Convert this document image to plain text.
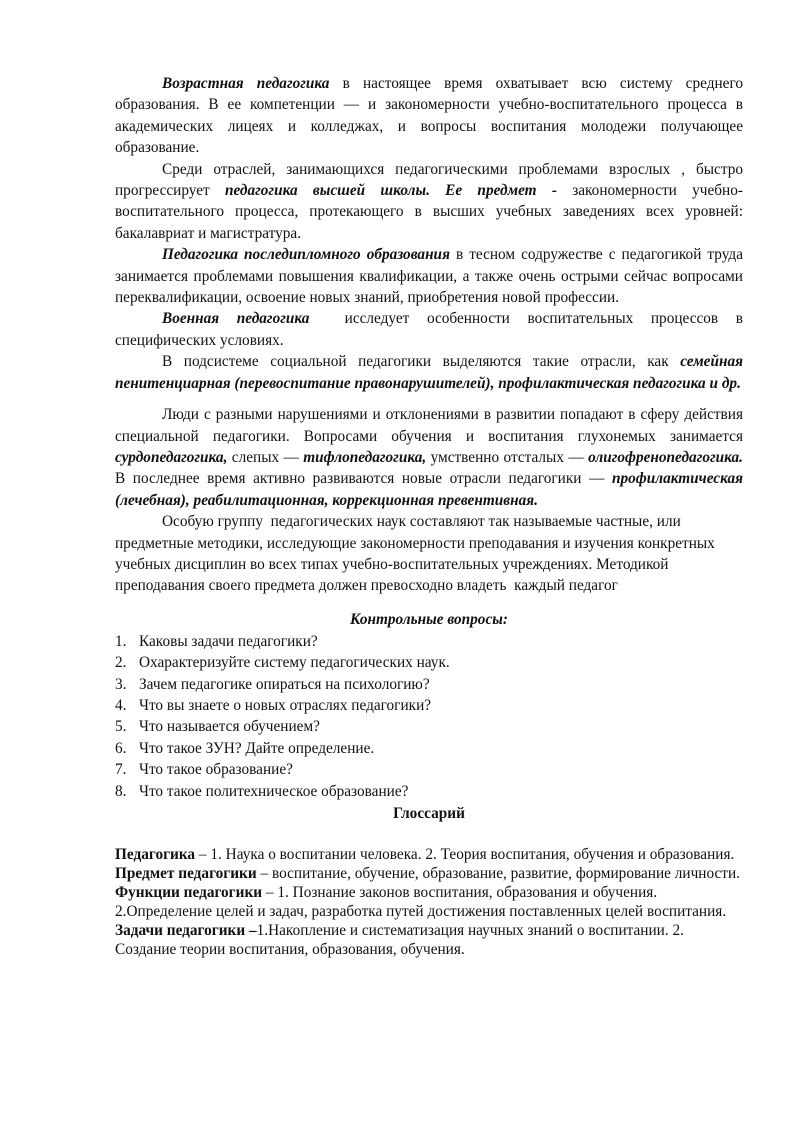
Возрастная педагогика в настоящее время охватывает всю систему среднего образования. В ее компетенции — и закономерности учебно-воспитательного процесса в академических лицеях и колледжах, и вопросы воспитания молодежи получающее образование.

Среди отраслей, занимающихся педагогическими проблемами взрослых , быстро прогрессирует педагогика высшей школы. Ее предмет - закономерности учебно-воспитательного процесса, протекающего в высших учебных заведениях всех уровней: бакалавриат и магистратура.

Педагогика последипломного образования в тесном содружестве с педагогикой труда занимается проблемами повышения квалификации, а также очень острыми сейчас вопросами переквалификации, освоение новых знаний, приобретения новой профессии.

Военная педагогика  исследует особенности воспитательных процессов в специфических условиях.

В подсистеме социальной педагогики выделяются такие отрасли, как семейная пенитенциарная (перевоспитание правонарушителей), профилактическая педагогика и др.

Люди с разными нарушениями и отклонениями в развитии попадают в сферу действия специальной педагогики. Вопросами обучения и воспитания глухонемых занимается сурдопедагогика, слепых — тифлопедагогика, умственно отсталых — олигофренопедагогика. В последнее время активно развиваются новые отрасли педагогики — профилактическая (лечебная), реабилитационная, коррекционная превентивная.

Особую группу  педагогических наук составляют так называемые частные, или предметные методики, исследующие закономерности преподавания и изучения конкретных учебных дисциплин во всех типах учебно-воспитательных учреждениях. Методикой преподавания своего предмета должен превосходно владеть  каждый педагог

Контрольные вопросы:

1. Каковы задачи педагогики?
2. Охарактеризуйте систему педагогических наук.
3. Зачем педагогике опираться на психологию?
4. Что вы знаете о новых отраслях педагогики?
5. Что называется обучением?
6. Что такое ЗУН? Дайте определение.
7. Что такое образование?
8. Что такое политехническое образование?

Глоссарий

Педагогика – 1. Наука о воспитании человека. 2. Теория воспитания, обучения и образования.

Предмет педагогики – воспитание, обучение, образование, развитие, формирование личности.

Функции педагогики – 1. Познание законов воспитания, образования и обучения. 2.Определение целей и задач, разработка путей достижения поставленных целей воспитания.

Задачи педагогики –1.Накопление и систематизация научных знаний о воспитании. 2. Создание теории воспитания, образования, обучения.
